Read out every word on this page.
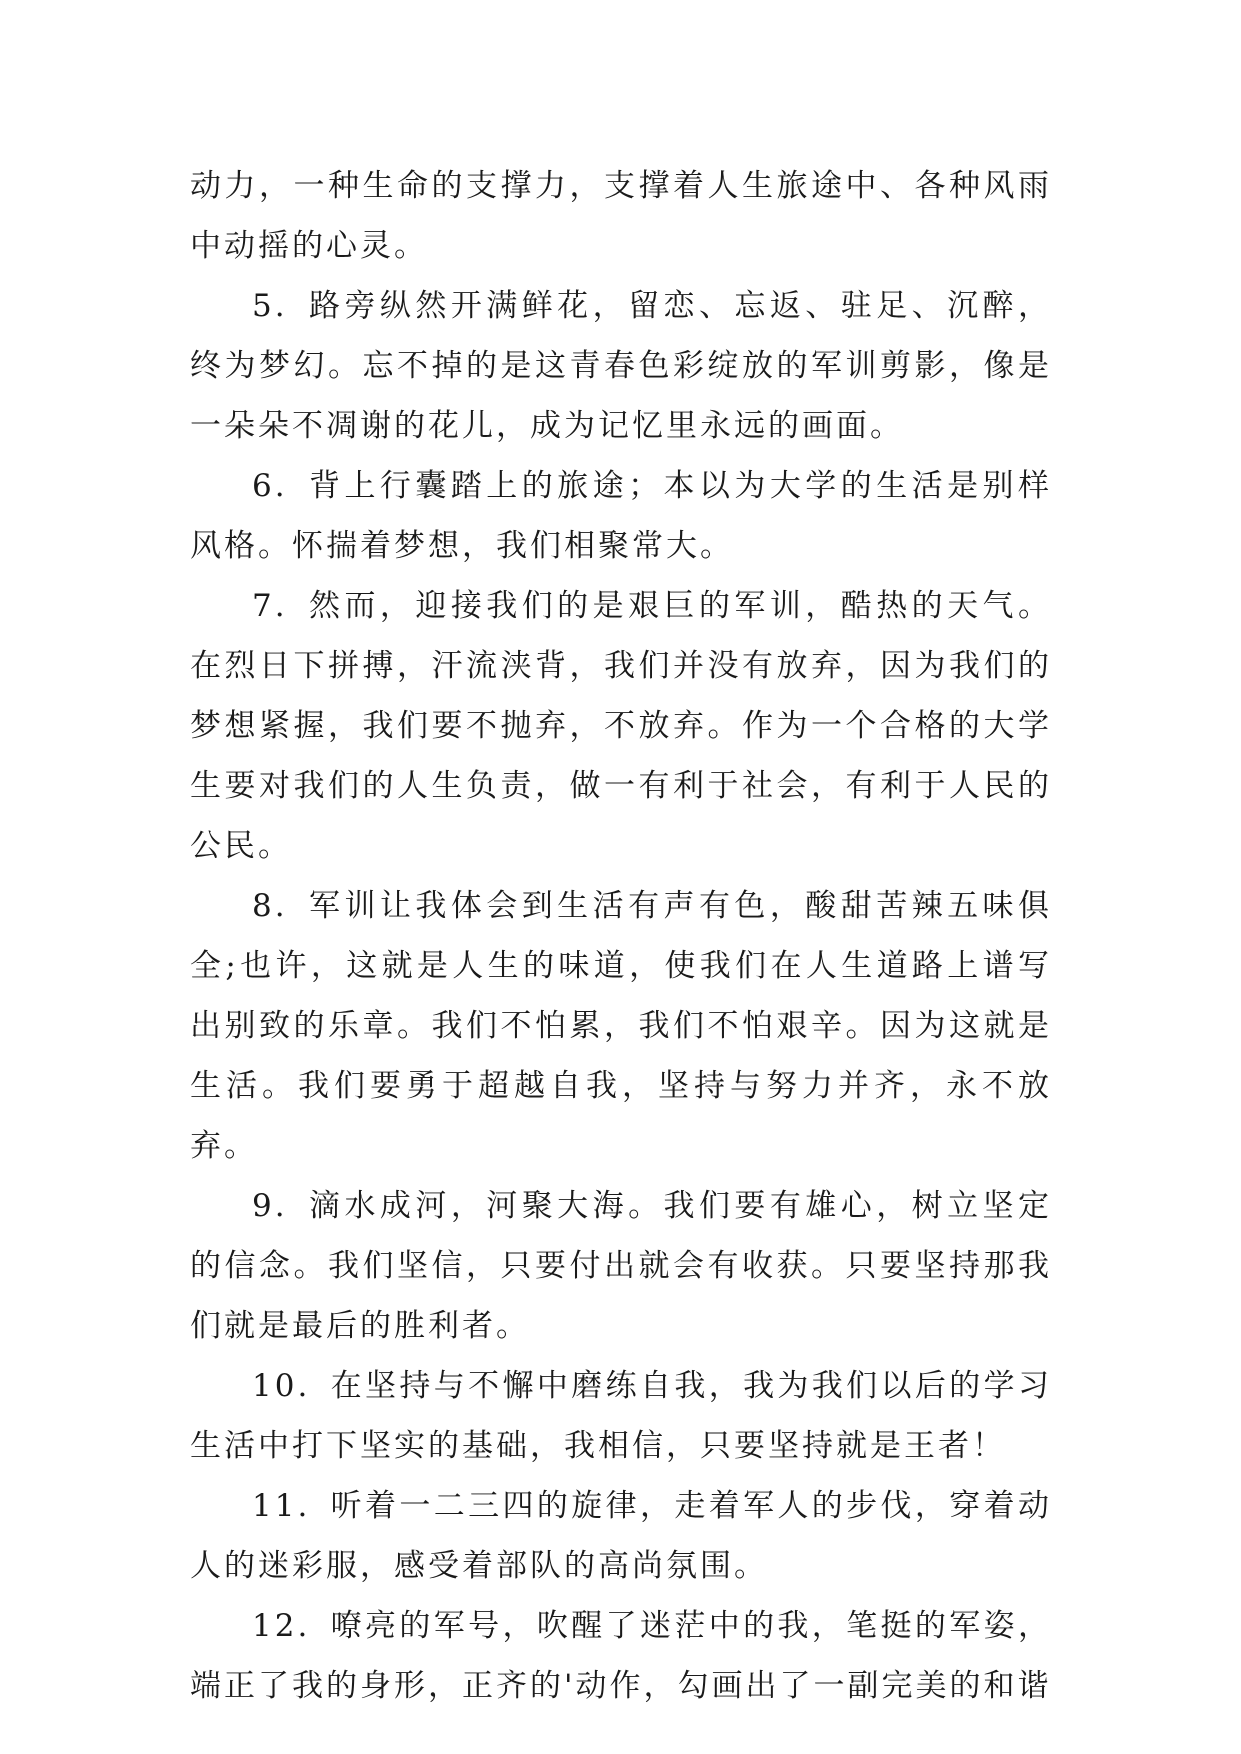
动力，一种生命的支撑力，支撑着人生旅途中、各种风雨中动摇的心灵。

5. 路旁纵然开满鲜花，留恋、忘返、驻足、沉醉，终为梦幻。忘不掉的是这青春色彩绽放的军训剪影，像是一朵朵不凋谢的花儿，成为记忆里永远的画面。

6. 背上行囊踏上的旅途；本以为大学的生活是别样风格。怀揣着梦想，我们相聚常大。

7. 然而，迎接我们的是艰巨的军训，酷热的天气。在烈日下拼搏，汗流浃背，我们并没有放弃，因为我们的梦想紧握，我们要不抛弃，不放弃。作为一个合格的大学生要对我们的人生负责，做一有利于社会，有利于人民的公民。

8. 军训让我体会到生活有声有色，酸甜苦辣五味俱全;也许，这就是人生的味道，使我们在人生道路上谱写出别致的乐章。我们不怕累，我们不怕艰辛。因为这就是生活。我们要勇于超越自我，坚持与努力并齐，永不放弃。

9. 滴水成河，河聚大海。我们要有雄心，树立坚定的信念。我们坚信，只要付出就会有收获。只要坚持那我们就是最后的胜利者。

10. 在坚持与不懈中磨练自我，我为我们以后的学习生活中打下坚实的基础，我相信，只要坚持就是王者！

11. 听着一二三四的旋律，走着军人的步伐，穿着动人的迷彩服，感受着部队的高尚氛围。

12. 嘹亮的军号，吹醒了迷茫中的我，笔挺的军姿，端正了我的身形，正齐的'动作，勾画出了一副完美的和谐
